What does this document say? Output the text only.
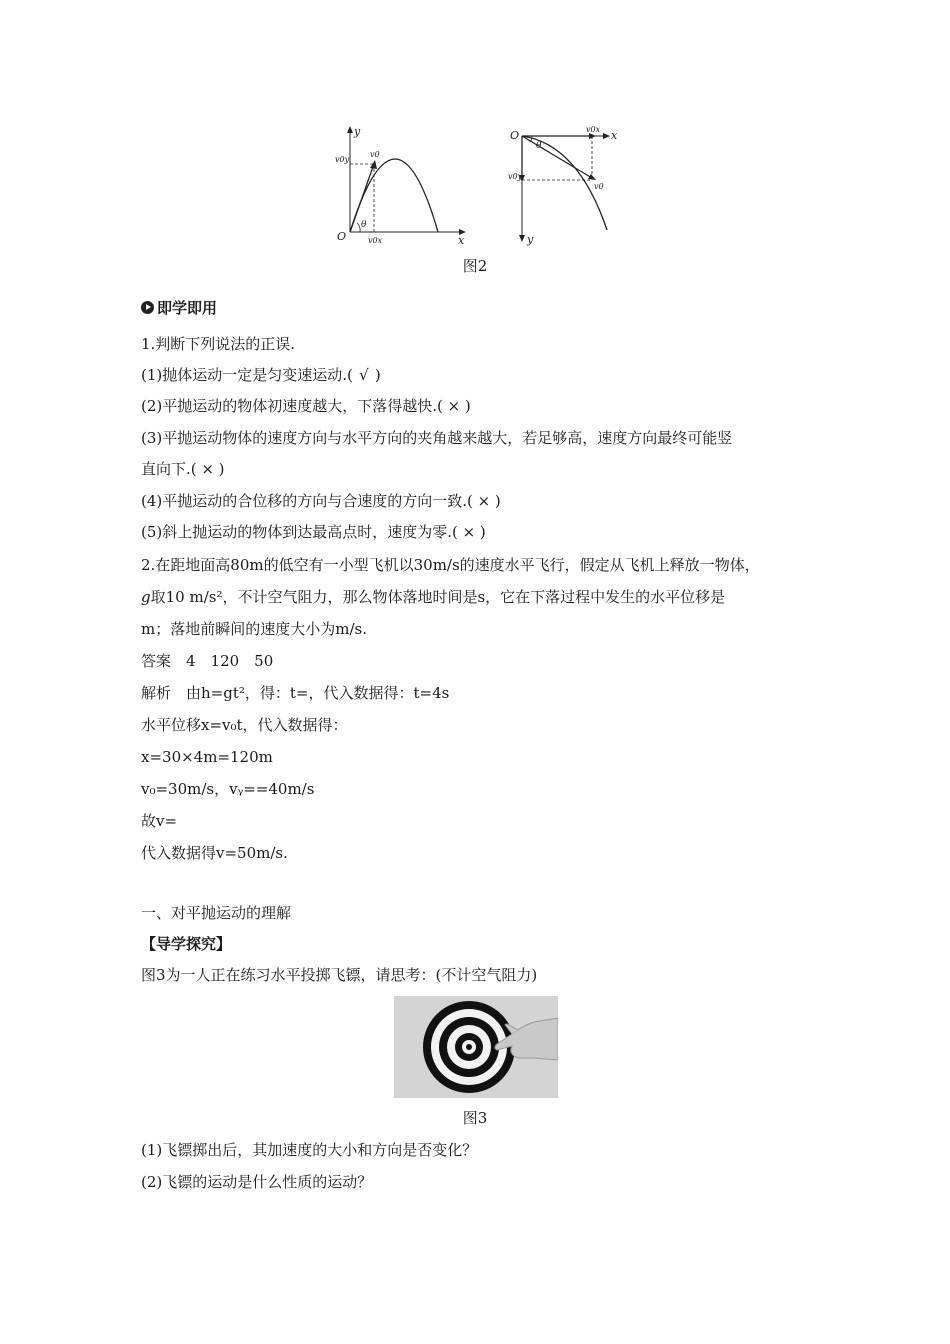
y
x
O
v0y
v0
v0x
θ
O	x
y
v0x
v0y
v0
θ
图2
即学即用
1.判断下列说法的正误.
(1)抛体运动一定是匀变速运动.( √ )
(2)平抛运动的物体初速度越大，下落得越快.( × )
(3)平抛运动物体的速度方向与水平方向的夹角越来越大，若足够高，速度方向最终可能竖
直向下.( × )
(4)平抛运动的合位移的方向与合速度的方向一致.( × )
(5)斜上抛运动的物体到达最高点时，速度为零.( × )
2.在距地面高80m的低空有一小型飞机以30m/s的速度水平飞行，假定从飞机上释放一物体，
g取10 m/s²，不计空气阻力，那么物体落地时间是s，它在下落过程中发生的水平位移是
m；落地前瞬间的速度大小为m/s.
答案　4　120　50
解析　由h=gt²，得：t=，代入数据得：t=4s
水平位移x=v₀t，代入数据得：
x=30×4m=120m
v₀=30m/s，vᵧ==40m/s
故v=
代入数据得v=50m/s.
一、对平抛运动的理解
【导学探究】
图3为一人正在练习水平投掷飞镖，请思考：(不计空气阻力)
图3
(1)飞镖掷出后，其加速度的大小和方向是否变化？
(2)飞镖的运动是什么性质的运动？
